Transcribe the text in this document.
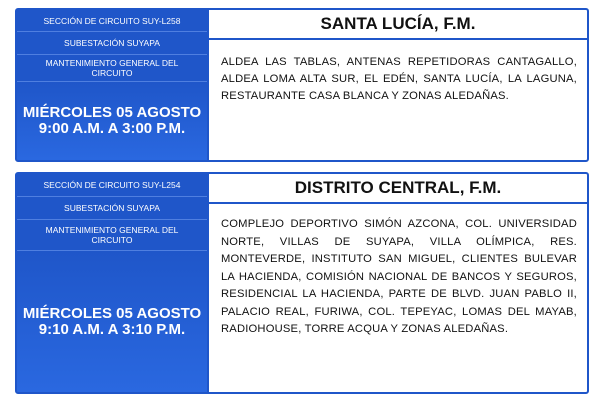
SECCIÓN DE CIRCUITO SUY-L258
SUBESTACIÓN SUYAPA
MANTENIMIENTO GENERAL DEL CIRCUITO
MIÉRCOLES 05 AGOSTO
9:00 A.M. A 3:00 P.M.
SANTA LUCÍA, F.M.
ALDEA LAS TABLAS, ANTENAS REPETIDORAS CANTAGALLO, ALDEA LOMA ALTA SUR, EL EDÉN, SANTA LUCÍA, LA LAGUNA, RESTAURANTE CASA BLANCA Y ZONAS ALEDAÑAS.
SECCIÓN DE CIRCUITO SUY-L254
SUBESTACIÓN SUYAPA
MANTENIMIENTO GENERAL DEL CIRCUITO
MIÉRCOLES 05 AGOSTO
9:10 A.M. A 3:10 P.M.
DISTRITO CENTRAL, F.M.
COMPLEJO DEPORTIVO SIMÓN AZCONA, COL. UNIVERSIDAD NORTE, VILLAS DE SUYAPA, VILLA OLÍMPICA, RES. MONTEVERDE, INSTITUTO SAN MIGUEL, CLIENTES BULEVAR LA HACIENDA, COMISIÓN NACIONAL DE BANCOS Y SEGUROS, RESIDENCIAL LA HACIENDA, PARTE DE BLVD. JUAN PABLO II, PALACIO REAL, FURIWA, COL. TEPEYAC, LOMAS DEL MAYAB, RADIOHOUSE, TORRE ACQUA Y ZONAS ALEDAÑAS.
